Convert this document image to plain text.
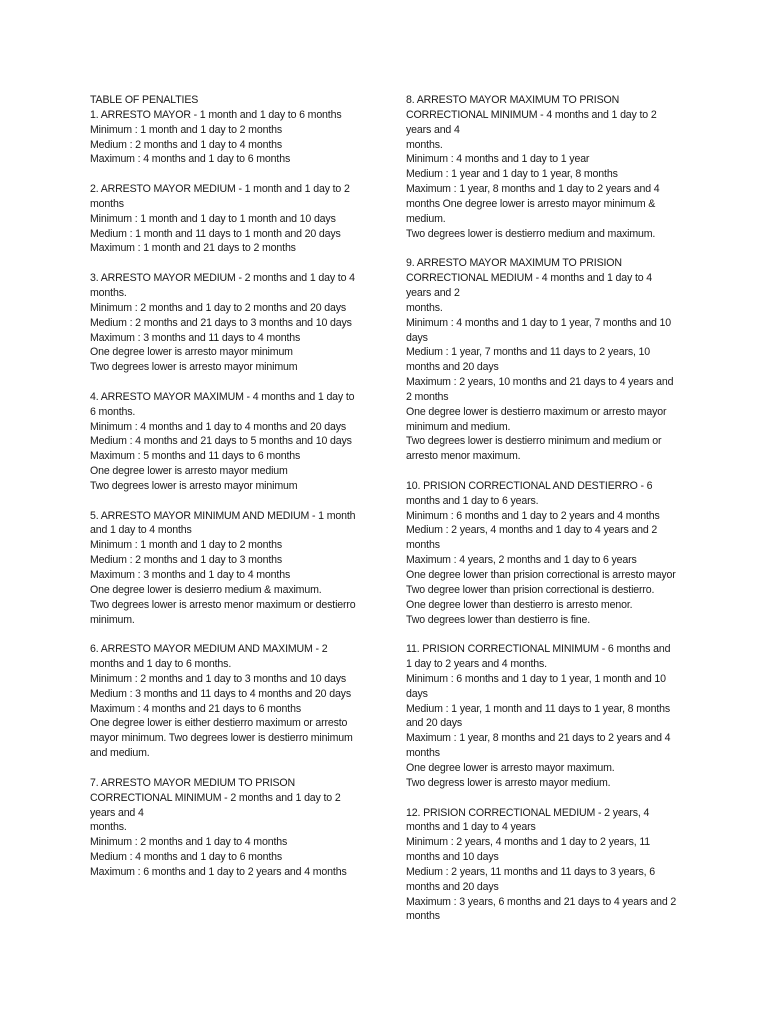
TABLE OF PENALTIES
1. ARRESTO MAYOR - 1 month and 1 day to 6 months
Minimum : 1 month and 1 day to 2 months
Medium : 2 months and 1 day to 4 months
Maximum : 4 months and 1 day to 6 months
2. ARRESTO MAYOR MEDIUM - 1 month and 1 day to 2
months
Minimum : 1 month and 1 day to 1 month and 10 days
Medium : 1 month and 11 days to 1 month and 20 days
Maximum : 1 month and 21 days to 2 months
3. ARRESTO MAYOR MEDIUM - 2 months and 1 day to 4
months.
Minimum : 2 months and 1 day to 2 months and 20 days
Medium : 2 months and 21 days to 3 months and 10 days
Maximum : 3 months and 11 days to 4 months
One degree lower is arresto mayor minimum
Two degrees lower is arresto mayor minimum
4. ARRESTO MAYOR MAXIMUM - 4 months and 1 day to
6 months.
Minimum : 4 months and 1 day to 4 months and 20 days
Medium : 4 months and 21 days to 5 months and 10 days
Maximum : 5 months and 11 days to 6 months
One degree lower is arresto mayor medium
Two degrees lower is arresto mayor minimum
5. ARRESTO MAYOR MINIMUM AND MEDIUM - 1 month
and 1 day to 4 months
Minimum : 1 month and 1 day to 2 months
Medium : 2 months and 1 day to 3 months
Maximum : 3 months and 1 day to 4 months
One degree lower is desierro medium & maximum.
Two degrees lower is arresto menor maximum or destierro
minimum.
6. ARRESTO MAYOR MEDIUM AND MAXIMUM - 2
months and 1 day to 6 months.
Minimum : 2 months and 1 day to 3 months and 10 days
Medium : 3 months and 11 days to 4 months and 20 days
Maximum : 4 months and 21 days to 6 months
One degree lower is either destierro maximum or arresto
mayor minimum. Two degrees lower is destierro minimum
and medium.
7. ARRESTO MAYOR MEDIUM TO PRISON
CORRECTIONAL MINIMUM - 2 months and 1 day to 2
years and 4
months.
Minimum : 2 months and 1 day to 4 months
Medium : 4 months and 1 day to 6 months
Maximum : 6 months and 1 day to 2 years and 4 months
8. ARRESTO MAYOR MAXIMUM TO PRISON
CORRECTIONAL MINIMUM - 4 months and 1 day to 2
years and 4
months.
Minimum : 4 months and 1 day to 1 year
Medium : 1 year and 1 day to 1 year, 8 months
Maximum : 1 year, 8 months and 1 day to 2 years and 4
months One degree lower is arresto mayor minimum &
medium.
Two degrees lower is destierro medium and maximum.
9. ARRESTO MAYOR MAXIMUM TO PRISION
CORRECTIONAL MEDIUM - 4 months and 1 day to 4
years and 2
months.
Minimum : 4 months and 1 day to 1 year, 7 months and 10
days
Medium : 1 year, 7 months and 11 days to 2 years, 10
months and 20 days
Maximum : 2 years, 10 months and 21 days to 4 years and
2 months
One degree lower is destierro maximum or arresto mayor
minimum and medium.
Two degrees lower is destierro minimum and medium or
arresto menor maximum.
10. PRISION CORRECTIONAL AND DESTIERRO - 6
months and 1 day to 6 years.
Minimum : 6 months and 1 day to 2 years and 4 months
Medium : 2 years, 4 months and 1 day to 4 years and 2
months
Maximum : 4 years, 2 months and 1 day to 6 years
One degree lower than prision correctional is arresto mayor
Two degree lower than prision correctional is destierro.
One degree lower than destierro is arresto menor.
Two degrees lower than destierro is fine.
11. PRISION CORRECTIONAL MINIMUM - 6 months and
1 day to 2 years and 4 months.
Minimum : 6 months and 1 day to 1 year, 1 month and 10
days
Medium : 1 year, 1 month and 11 days to 1 year, 8 months
and 20 days
Maximum : 1 year, 8 months and 21 days to 2 years and 4
months
One degree lower is arresto mayor maximum.
Two degress lower is arresto mayor medium.
12. PRISION CORRECTIONAL MEDIUM - 2 years, 4
months and 1 day to 4 years
Minimum : 2 years, 4 months and 1 day to 2 years, 11
months and 10 days
Medium : 2 years, 11 months and 11 days to 3 years, 6
months and 20 days
Maximum : 3 years, 6 months and 21 days to 4 years and 2
months
